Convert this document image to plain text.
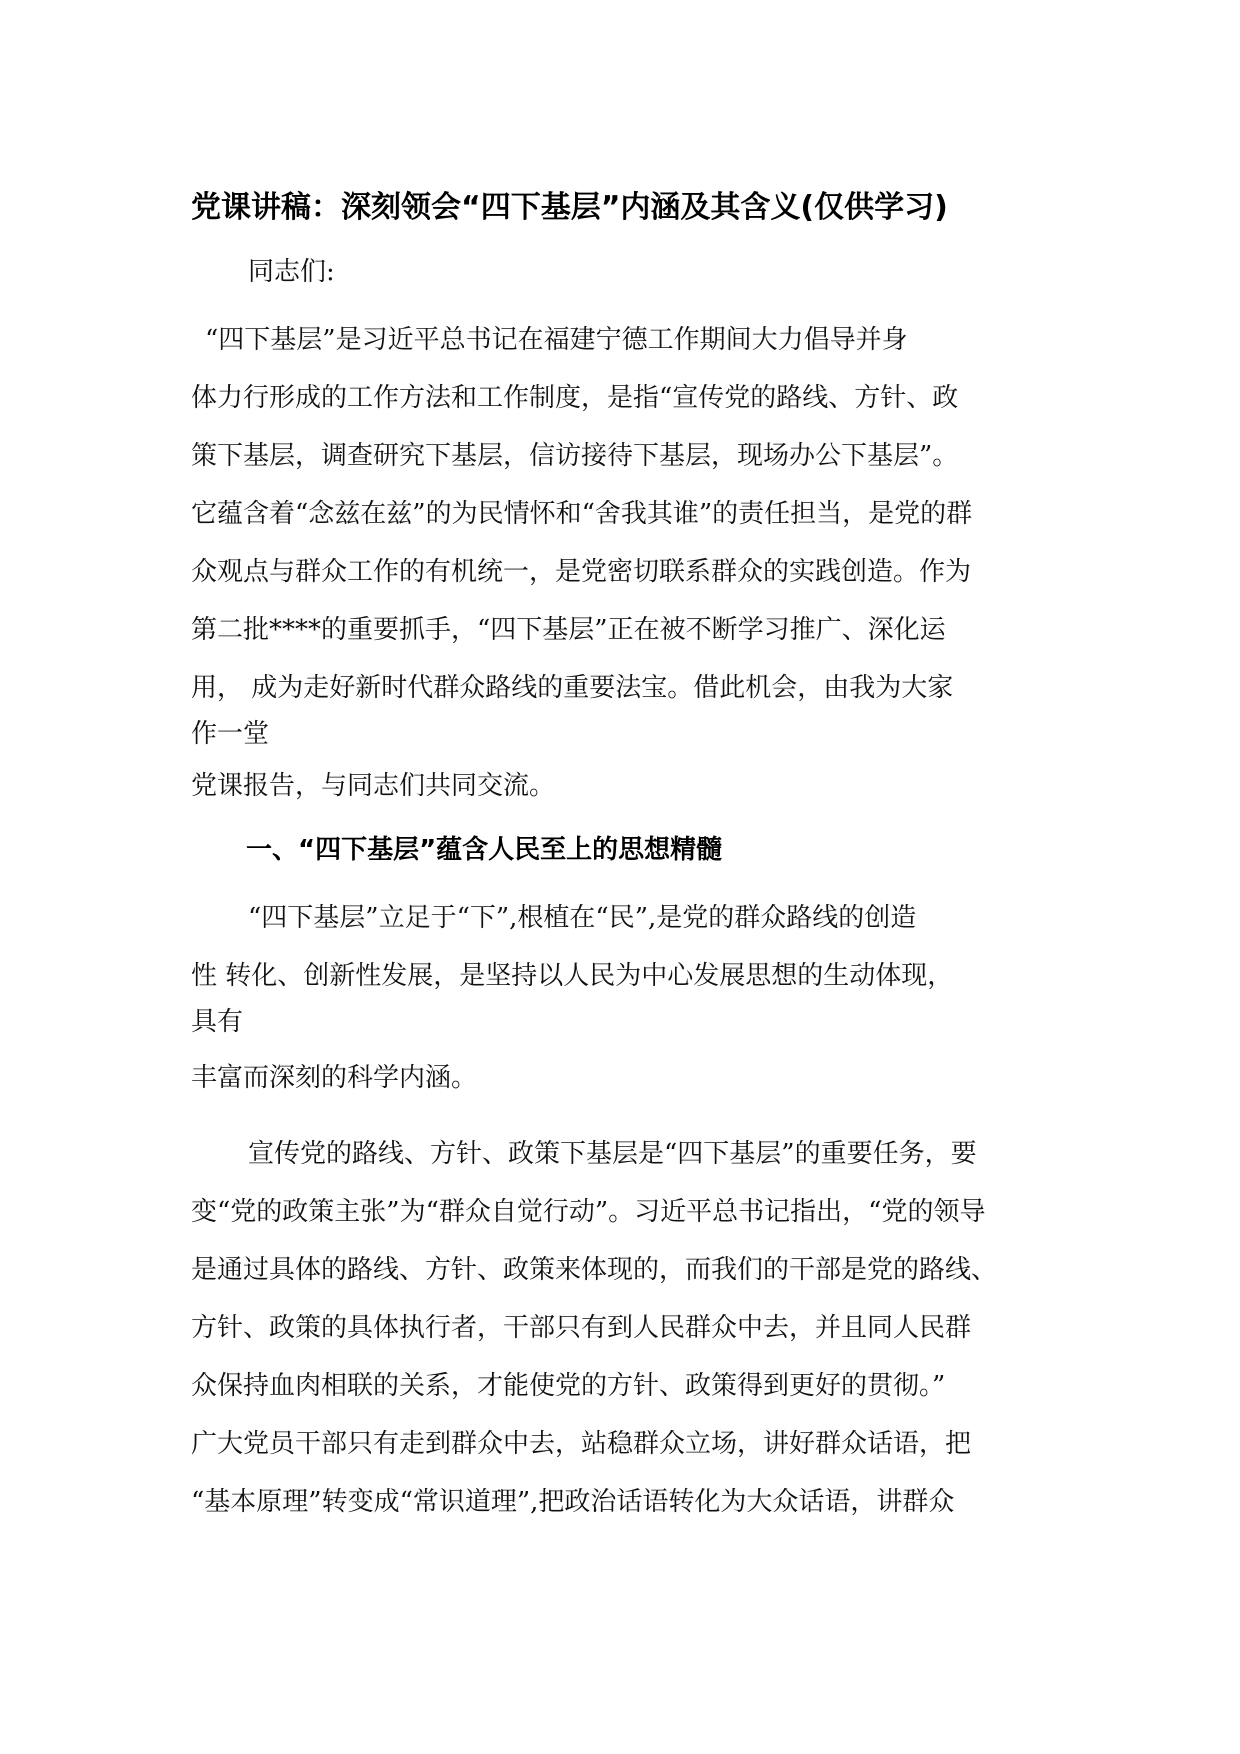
党课讲稿：深刻领会“四下基层”内涵及其含义(仅供学习)
同志们:
“四下基层”是习近平总书记在福建宁德工作期间大力倡导并身
体力行形成的工作方法和工作制度，是指“宣传党的路线、方针、政
策下基层，调查研究下基层，信访接待下基层，现场办公下基层”。
它蕴含着“念兹在兹”的为民情怀和“舍我其谁”的责任担当，是党的群
众观点与群众工作的有机统一，是党密切联系群众的实践创造。作为
第二批****的重要抓手，“四下基层”正在被不断学习推广、深化运
用， 成为走好新时代群众路线的重要法宝。借此机会，由我为大家
作一堂
党课报告，与同志们共同交流。
一、“四下基层”蕴含人民至上的思想精髓
“四下基层”立足于“下”,根植在“民”,是党的群众路线的创造
性 转化、创新性发展，是坚持以人民为中心发展思想的生动体现，
具有
丰富而深刻的科学内涵。
宣传党的路线、方针、政策下基层是“四下基层”的重要任务，要
变“党的政策主张”为“群众自觉行动”。习近平总书记指出，“党的领导
是通过具体的路线、方针、政策来体现的，而我们的干部是党的路线、
方针、政策的具体执行者，干部只有到人民群众中去，并且同人民群
众保持血肉相联的关系，才能使党的方针、政策得到更好的贯彻。”
广大党员干部只有走到群众中去，站稳群众立场，讲好群众话语，把
“基本原理”转变成“常识道理”,把政治话语转化为大众话语，讲群众
